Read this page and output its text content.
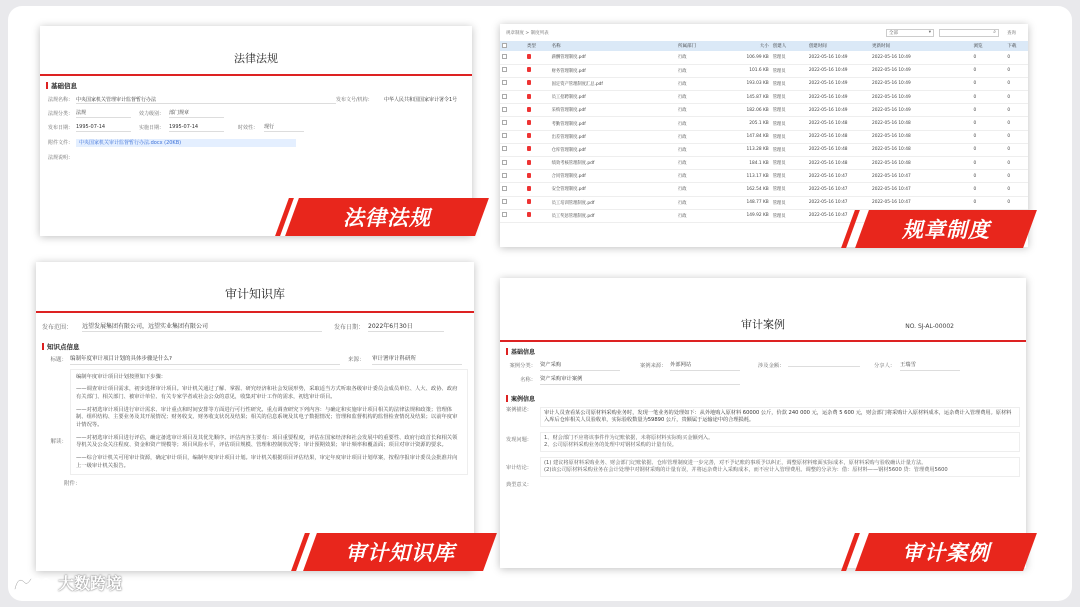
法律法规
基础信息
法规名称： 中央国家机关管理审计监督暂行办法	发布文号/机构：	中华人民共和国国家审计署令1号
法规分类： 法规	效力级别： 部门规章
发布日期： 1995-07-14	实施日期： 1995-07-14	时效性：	现行
附件文件：	中央国家机关审计监督暂行办法.docx (20KB)
法规说明：
法律法规
规章制度 > 制度列表	全部	▾	⌕ 查询
	类型	名称	所属部门	大小	创建人	创建时间	更新时间	浏览	下载
		薪酬管理制度.pdf	行政	106.99 KB	管理员	2022-05-16 10:49	2022-05-16 10:49	0	0
		财务管理制度.pdf	行政	101.6 KB	管理员	2022-05-16 10:49	2022-05-16 10:49	0	0
		固定资产管理制度汇总.pdf	行政	193.03 KB	管理员	2022-05-16 10:49	2022-05-16 10:49	0	0
		员工招聘制度.pdf	行政	145.87 KB	管理员	2022-05-16 10:49	2022-05-16 10:49	0	0
		采购管理制度.pdf	行政	182.06 KB	管理员	2022-05-16 10:49	2022-05-16 10:49	0	0
		考勤管理制度.pdf	行政	205.1 KB	管理员	2022-05-16 10:48	2022-05-16 10:48	0	0
		出差管理制度.pdf	行政	147.84 KB	管理员	2022-05-16 10:48	2022-05-16 10:48	0	0
		仓库管理制度.pdf	行政	113.28 KB	管理员	2022-05-16 10:48	2022-05-16 10:48	0	0
		绩效考核管理制度.pdf	行政	184.1 KB	管理员	2022-05-16 10:48	2022-05-16 10:48	0	0
		合同管理制度.pdf	行政	113.17 KB	管理员	2022-05-16 10:47	2022-05-16 10:47	0	0
		安全管理制度.pdf	行政	162.54 KB	管理员	2022-05-16 10:47	2022-05-16 10:47	0	0
		员工培训管理制度.pdf	行政	148.77 KB	管理员	2022-05-16 10:47	2022-05-16 10:47	0	0
		员工奖惩管理制度.pdf	行政	149.92 KB	管理员	2022-05-16 10:47			
规章制度
审计知识库
发布范围：	远望发展集团有限公司，远望实业集团有限公司	发布日期： 2022年6月30日
知识点信息
标题： 编制年度审计项目计划的具体步骤是什么?	来源：	审计署审计科研所
解读：

编制年度审计项目计划按照如下步骤：

——调查审计项目需求，初步选择审计项目。审计机关通过了解、掌握、研究经济和社会发展形势，采取适当方式听取各级审计委员会成员单位、人大、政协、政府有关部门、相关部门、被审计单位、有关专家学者或社会公众的意见，收集对审计工作的需求，初选审计项目。

——对初选审计项目进行审计需求、审计重点和时间安排等方面进行可行性研究。重点调查研究下列内容：与确定和实施审计项目相关的法律法规和政策；管理体制、组织结构、主要业务及其开展情况；财务收支、财务收支状况及结果；相关的信息系统及其电子数据情况；管理和监督机构的监督检查情况及结果；以前年度审计情况等。

——对初选审计项目进行评估，确定备选审计项目及其优先顺序。评估内容主要有：项目重要程度，评估在国家经济和社会发展中的重要性、政府行政首长和相关领导机关及公众关注程度、资金和资产规模等；项目风险水平，评估项目规模、管理和控制状况等；审计预期效果；审计频率和覆盖面；项目对审计资源的要求。

——综合审计机关可用审计资源，确定审计项目，编制年度审计项目计划。审计机关根据项目评估结果，审定年度审计项目计划草案，按程序报审计委员会批准并向上一级审计机关报告。

附件：
审计知识库
审计案例	NO. SJ-AL-00002
基础信息
案例分类： 资产采购	案例来源： 外部网站	涉及金额：	分享人： 王瑞雪
名称： 资产采购审计案例
案例信息
案例描述：	审计人员查看某公司原材料采购业务时，发现一笔业务的处理如下：从外地购入原材料 60000 公斤，价款 240 000 元，运杂费 5 600 元，财会部门将采购计入原材料成本，运杂费计入管理费用。原材料入库后仓库相关人员验收单，实际验收数量为59890 公斤，贵额属于运输途中的合理损耗。
发现问题：	1、财会部门不应将该事件作为记账依据，未将原材料实际购买金额列入。
2、公司原材料采购业务的处理中对钢材采购的计量有误。
审计结论：
(1) 建议将原材料采购业务、财会部门记账依据、仓库管理制度进一步完善，对不予记账的事项予以纠正，调整原材料账面实际成本，原材料采购与验收确认计量方法。
(2)该公司原材料采购业务在会计处理中对钢材采购的计量有误，并将运杂费计入采购成本，而不应计入管理费用。调整的分录为：借：原材料——钢材5600 贷：管理费用5600
典型意义：
审计案例
大数跨境
